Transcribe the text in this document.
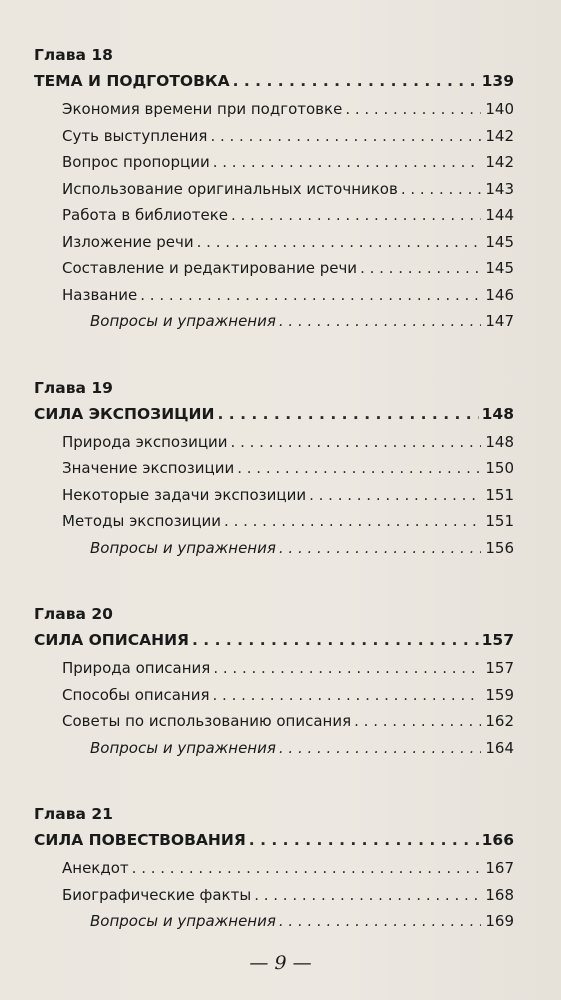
Глава 18
ТЕМА И ПОДГОТОВКА . . .	139
Экономия времени при подготовке . . .	140
Суть выступления . . .	142
Вопрос пропорции . . .	142
Использование оригинальных источников . . .	143
Работа в библиотеке . . .	144
Изложение речи . . .	145
Составление и редактирование речи . . .	145
Название . . .	146
Вопросы и упражнения . . .	147
Глава 19
СИЛА ЭКСПОЗИЦИИ . . .	148
Природа экспозиции . . .	148
Значение экспозиции . . .	150
Некоторые задачи экспозиции . . .	151
Методы экспозиции . . .	151
Вопросы и упражнения . . .	156
Глава 20
СИЛА ОПИСАНИЯ . . .	157
Природа описания . . .	157
Способы описания . . .	159
Советы по использованию описания . . .	162
Вопросы и упражнения . . .	164
Глава 21
СИЛА ПОВЕСТВОВАНИЯ . . .	166
Анекдот . . .	167
Биографические факты . . .	168
Вопросы и упражнения . . .	169
— 9 —
